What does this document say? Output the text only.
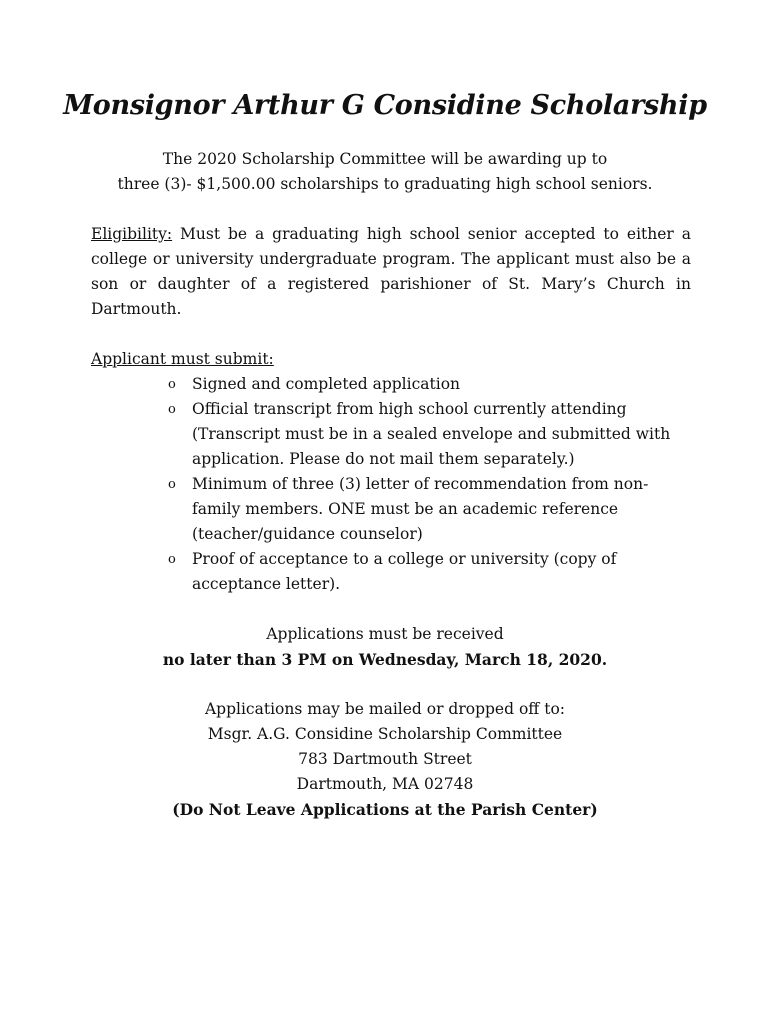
Monsignor Arthur G Considine Scholarship
The 2020 Scholarship Committee will be awarding up to
three (3)- $1,500.00 scholarships to graduating high school seniors.
Eligibility: Must be a graduating high school senior accepted to either a college or university undergraduate program. The applicant must also be a son or daughter of a registered parishioner of St. Mary’s Church in Dartmouth.
Applicant must submit:
o Signed and completed application
o Official transcript from high school currently attending (Transcript must be in a sealed envelope and submitted with application. Please do not mail them separately.)
o Minimum of three (3) letter of recommendation from non-family members. ONE must be an academic reference (teacher/guidance counselor)
o Proof of acceptance to a college or university (copy of acceptance letter).
Applications must be received
no later than 3 PM on Wednesday, March 18, 2020.
Applications may be mailed or dropped off to:
Msgr. A.G. Considine Scholarship Committee
783 Dartmouth Street
Dartmouth, MA 02748
(Do Not Leave Applications at the Parish Center)
